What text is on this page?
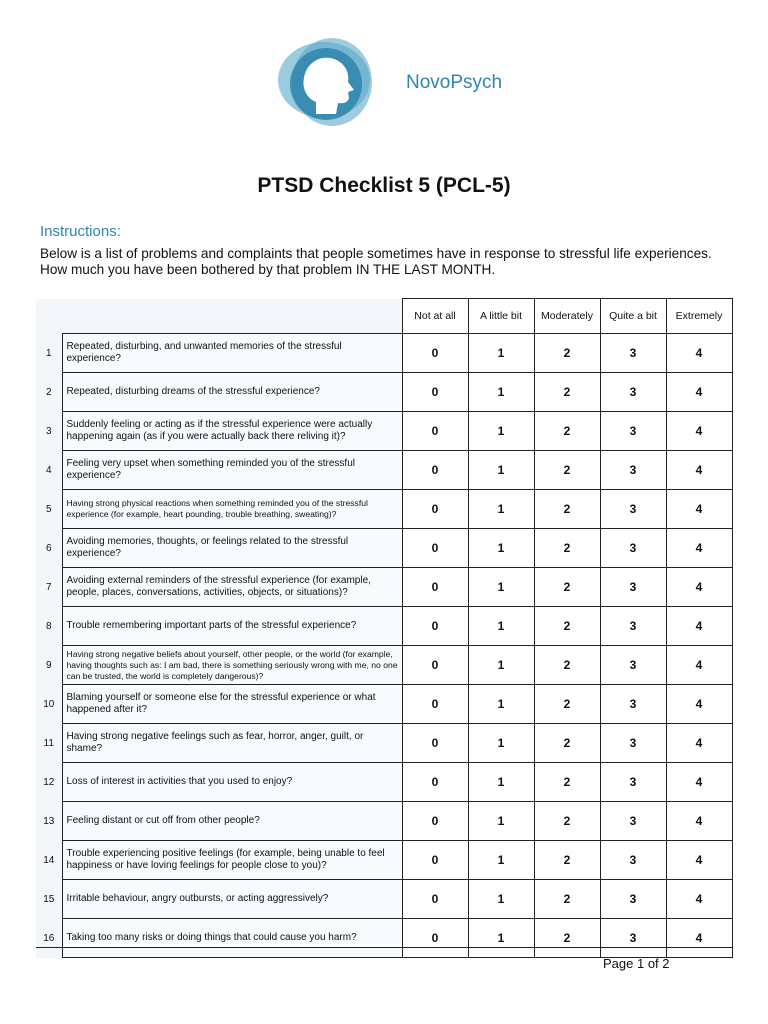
NovoPsych
PTSD Checklist 5 (PCL-5)
Instructions:
Below is a list of problems and complaints that people sometimes have in response to stressful life experiences. How much you have been bothered by that problem IN THE LAST MONTH.
		Not at all	A little bit	Moderately	Quite a bit	Extremely
1	Repeated, disturbing, and unwanted memories of the stressful experience?	0	1	2	3	4
2	Repeated, disturbing dreams of the stressful experience?	0	1	2	3	4
3	Suddenly feeling or acting as if the stressful experience were actually happening again (as if you were actually back there reliving it)?	0	1	2	3	4
4	Feeling very upset when something reminded you of the stressful experience?	0	1	2	3	4
5	Having strong physical reactions when something reminded you of the stressful experience (for example, heart pounding, trouble breathing, sweating)?	0	1	2	3	4
6	Avoiding memories, thoughts, or feelings related to the stressful experience?	0	1	2	3	4
7	Avoiding external reminders of the stressful experience (for example, people, places, conversations, activities, objects, or situations)?	0	1	2	3	4
8	Trouble remembering important parts of the stressful experience?	0	1	2	3	4
9	Having strong negative beliefs about yourself, other people, or the world (for example, having thoughts such as: I am bad, there is something seriously wrong with me, no one can be trusted, the world is completely dangerous)?	0	1	2	3	4
10	Blaming yourself or someone else for the stressful experience or what happened after it?	0	1	2	3	4
11	Having strong negative feelings such as fear, horror, anger, guilt, or shame?	0	1	2	3	4
12	Loss of interest in activities that you used to enjoy?	0	1	2	3	4
13	Feeling distant or cut off from other people?	0	1	2	3	4
14	Trouble experiencing positive feelings (for example, being unable to feel happiness or have loving feelings for people close to you)?	0	1	2	3	4
15	Irritable behaviour, angry outbursts, or acting aggressively?	0	1	2	3	4
16	Taking too many risks or doing things that could cause you harm?	0	1	2	3	4
Page 1 of 2
